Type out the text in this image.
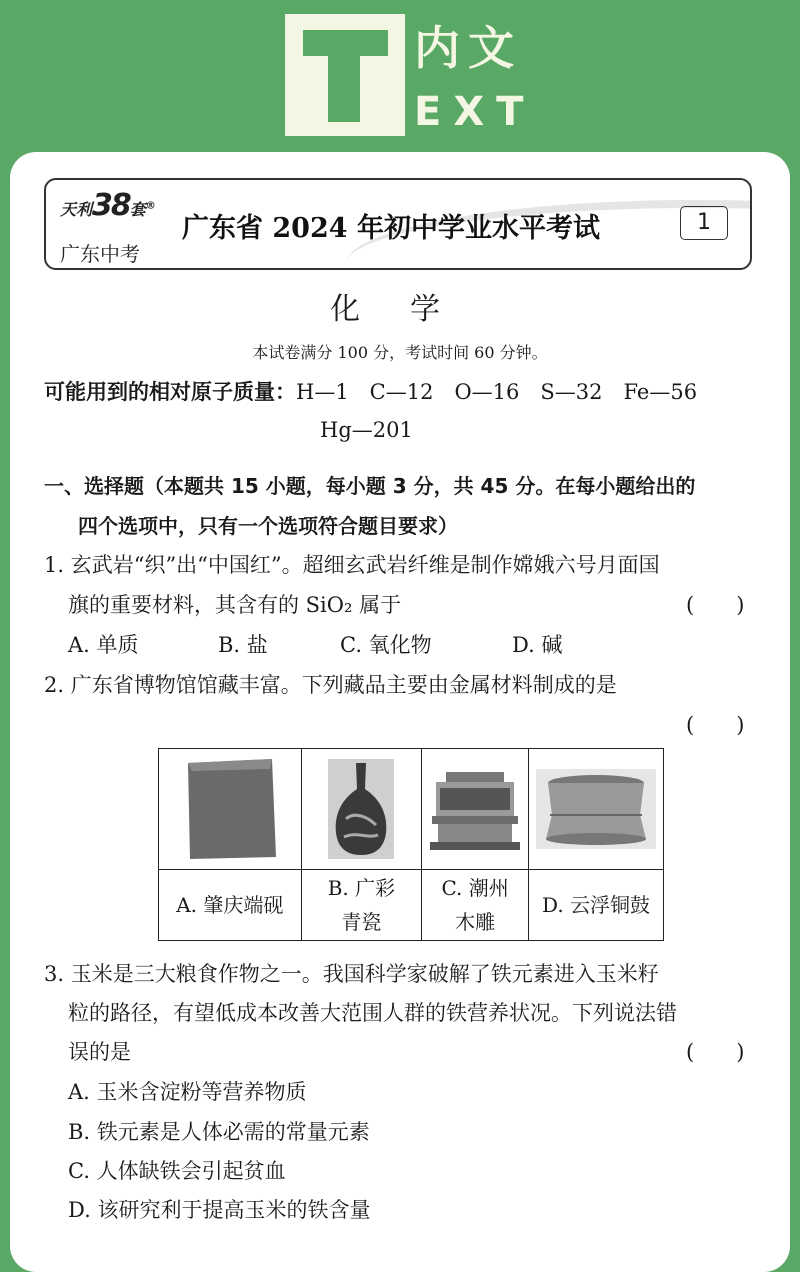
内文
EXT
天利38套®
广东中考
广东省 2024 年初中学业水平考试	1
化学
本试卷满分 100 分，考试时间 60 分钟。
可能用到的相对原子质量：H—1　C—12　O—16　S—32　Fe—56
Hg—201
一、选择题（本题共 15 小题，每小题 3 分，共 45 分。在每小题给出的
四个选项中，只有一个选项符合题目要求）
1. 玄武岩“织”出“中国红”。超细玄武岩纤维是制作嫦娥六号月面国
旗的重要材料，其含有的 SiO₂ 属于	(　　)
A. 单质	B. 盐	C. 氧化物	D. 碱
2. 广东省博物馆馆藏丰富。下列藏品主要由金属材料制成的是
(　　)

A. 肇庆端砚	B. 广彩
青瓷	C. 潮州
木雕	D. 云浮铜鼓
3. 玉米是三大粮食作物之一。我国科学家破解了铁元素进入玉米籽
粒的路径，有望低成本改善大范围人群的铁营养状况。下列说法错
误的是	(　　)
A. 玉米含淀粉等营养物质
B. 铁元素是人体必需的常量元素
C. 人体缺铁会引起贫血
D. 该研究利于提高玉米的铁含量
